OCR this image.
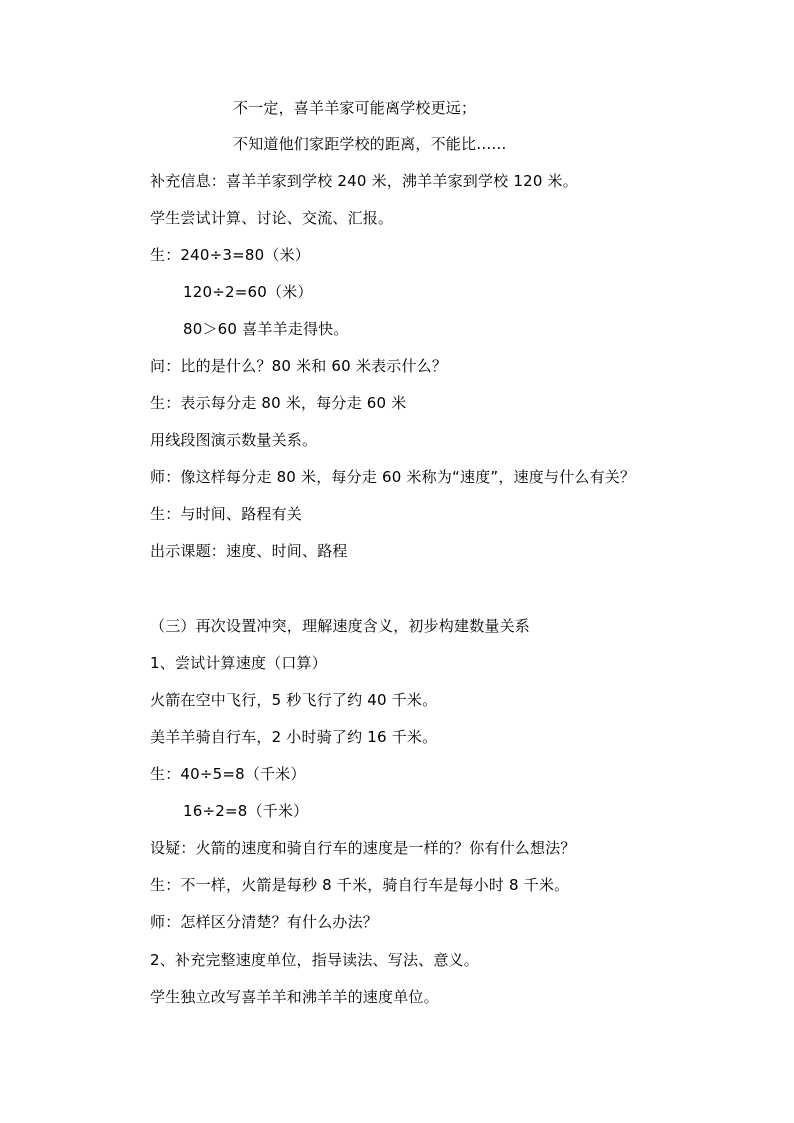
不一定，喜羊羊家可能离学校更远；
不知道他们家距学校的距离，不能比……
补充信息：喜羊羊家到学校 240 米，沸羊羊家到学校 120 米。
学生尝试计算、讨论、交流、汇报。
生：240÷3=80（米）
120÷2=60（米）
80＞60 喜羊羊走得快。
问：比的是什么？80 米和 60 米表示什么？
生：表示每分走 80 米，每分走 60 米
用线段图演示数量关系。
师：像这样每分走 80 米，每分走 60 米称为“速度”，速度与什么有关？
生：与时间、路程有关
出示课题：速度、时间、路程
（三）再次设置冲突，理解速度含义，初步构建数量关系
1、尝试计算速度（口算）
火箭在空中飞行，5 秒飞行了约 40 千米。
美羊羊骑自行车，2 小时骑了约 16 千米。
生：40÷5=8（千米）
16÷2=8（千米）
设疑：火箭的速度和骑自行车的速度是一样的？你有什么想法？
生：不一样，火箭是每秒 8 千米，骑自行车是每小时 8 千米。
师：怎样区分清楚？有什么办法？
2、补充完整速度单位，指导读法、写法、意义。
学生独立改写喜羊羊和沸羊羊的速度单位。
